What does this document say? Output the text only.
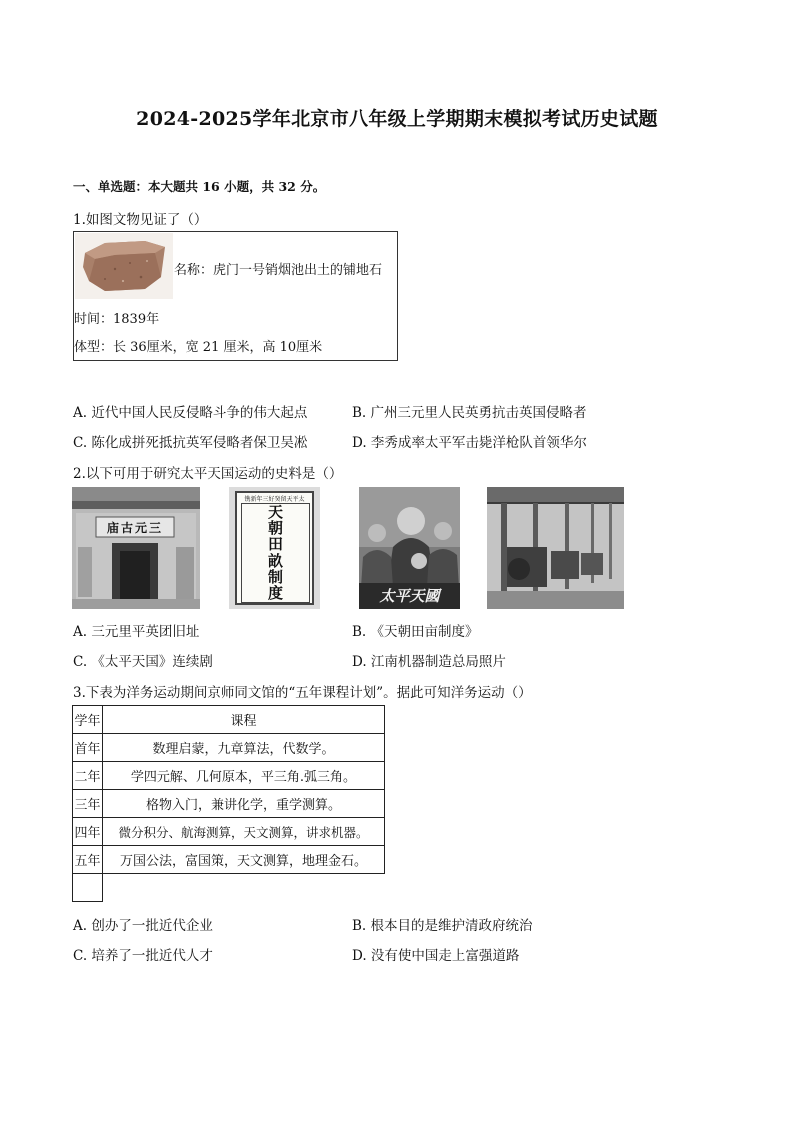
2024-2025学年北京市八年级上学期期末模拟考试历史试题
一、单选题：本大题共 16 小题，共 32 分。
1.如图文物见证了（）
名称：虎门一号销烟池出土的铺地石
时间：1839年
体型：长 36厘米，宽 21 厘米，高 10厘米
A. 近代中国人民反侵略斗争的伟大起点	B. 广州三元里人民英勇抗击英国侵略者
C. 陈化成拼死抵抗英军侵略者保卫吴凇	D. 李秀成率太平军击毙洋枪队首领华尔
2.以下可用于研究太平天国运动的史料是（）
三元古庙
镌新年三好癸留天平太
天
朝
田
畝
制
度	太平天國
A. 三元里平英团旧址	B. 《天朝田亩制度》
C. 《太平天国》连续剧	D. 江南机器制造总局照片
3.下表为洋务运动期间京师同文馆的“五年课程计划”。据此可知洋务运动（）
学年	课程
首年	数理启蒙，九章算法，代数学。
二年	学四元解、几何原本，平三角.弧三角。
三年	格物入门，兼讲化学，重学测算。
四年	微分积分、航海测算，天文测算，讲求机器。
五年	万国公法，富国策，天文测算，地理金石。

A. 创办了一批近代企业	B. 根本目的是维护清政府统治
C. 培养了一批近代人才	D. 没有使中国走上富强道路
